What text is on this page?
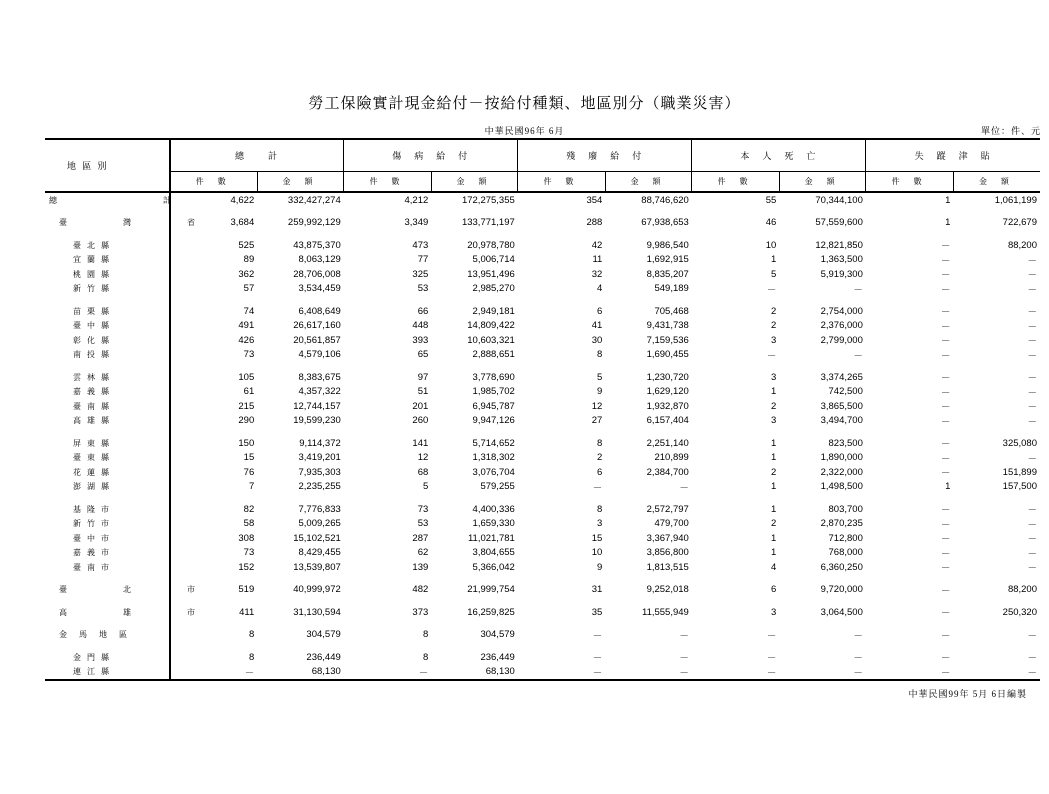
勞工保險實計現金給付－按給付種類、地區別分（職業災害）
中華民國96年 6月	單位：件、元
地 區 別	總　　計		傷　病　給　付		殘　廢　給　付		本　人　死　亡		失　蹤　津　貼	
	件 數	金 額	件 數	金 額	件 數	金 額	件 數	金 額	件 數	金 額
總　　計	4,622	332,427,274	4,212	172,275,355	354	88,746,620	55	70,344,100	1	1,061,199

臺　灣　省	3,684	259,992,129	3,349	133,771,197	288	67,938,653	46	57,559,600	1	722,679

臺北縣	525	43,875,370	473	20,978,780	42	9,986,540	10	12,821,850	－	88,200
宜蘭縣	89	8,063,129	77	5,006,714	11	1,692,915	1	1,363,500	－	－
桃園縣	362	28,706,008	325	13,951,496	32	8,835,207	5	5,919,300	－	－
新竹縣	57	3,534,459	53	2,985,270	4	549,189	－	－	－	－

苗栗縣	74	6,408,649	66	2,949,181	6	705,468	2	2,754,000	－	－
臺中縣	491	26,617,160	448	14,809,422	41	9,431,738	2	2,376,000	－	－
彰化縣	426	20,561,857	393	10,603,321	30	7,159,536	3	2,799,000	－	－
南投縣	73	4,579,106	65	2,888,651	8	1,690,455	－	－	－	－

雲林縣	105	8,383,675	97	3,778,690	5	1,230,720	3	3,374,265	－	－
嘉義縣	61	4,357,322	51	1,985,702	9	1,629,120	1	742,500	－	－
臺南縣	215	12,744,157	201	6,945,787	12	1,932,870	2	3,865,500	－	－
高雄縣	290	19,599,230	260	9,947,126	27	6,157,404	3	3,494,700	－	－

屏東縣	150	9,114,372	141	5,714,652	8	2,251,140	1	823,500	－	325,080
臺東縣	15	3,419,201	12	1,318,302	2	210,899	1	1,890,000	－	－
花蓮縣	76	7,935,303	68	3,076,704	6	2,384,700	2	2,322,000	－	151,899
澎湖縣	7	2,235,255	5	579,255	－	－	1	1,498,500	1	157,500

基隆市	82	7,776,833	73	4,400,336	8	2,572,797	1	803,700	－	－
新竹市	58	5,009,265	53	1,659,330	3	479,700	2	2,870,235	－	－
臺中市	308	15,102,521	287	11,021,781	15	3,367,940	1	712,800	－	－
嘉義市	73	8,429,455	62	3,804,655	10	3,856,800	1	768,000	－	－
臺南市	152	13,539,807	139	5,366,042	9	1,813,515	4	6,360,250	－	－

臺　北　市	519	40,999,972	482	21,999,754	31	9,252,018	6	9,720,000	－	88,200

高　雄　市	411	31,130,594	373	16,259,825	35	11,555,949	3	3,064,500	－	250,320

金馬地區	8	304,579	8	304,579	－	－	－	－	－	－

金門縣	8	236,449	8	236,449	－	－	－	－	－	－
連江縣	－	68,130	－	68,130	－	－	－	－	－	－
中華民國99年 5月 6日編製
